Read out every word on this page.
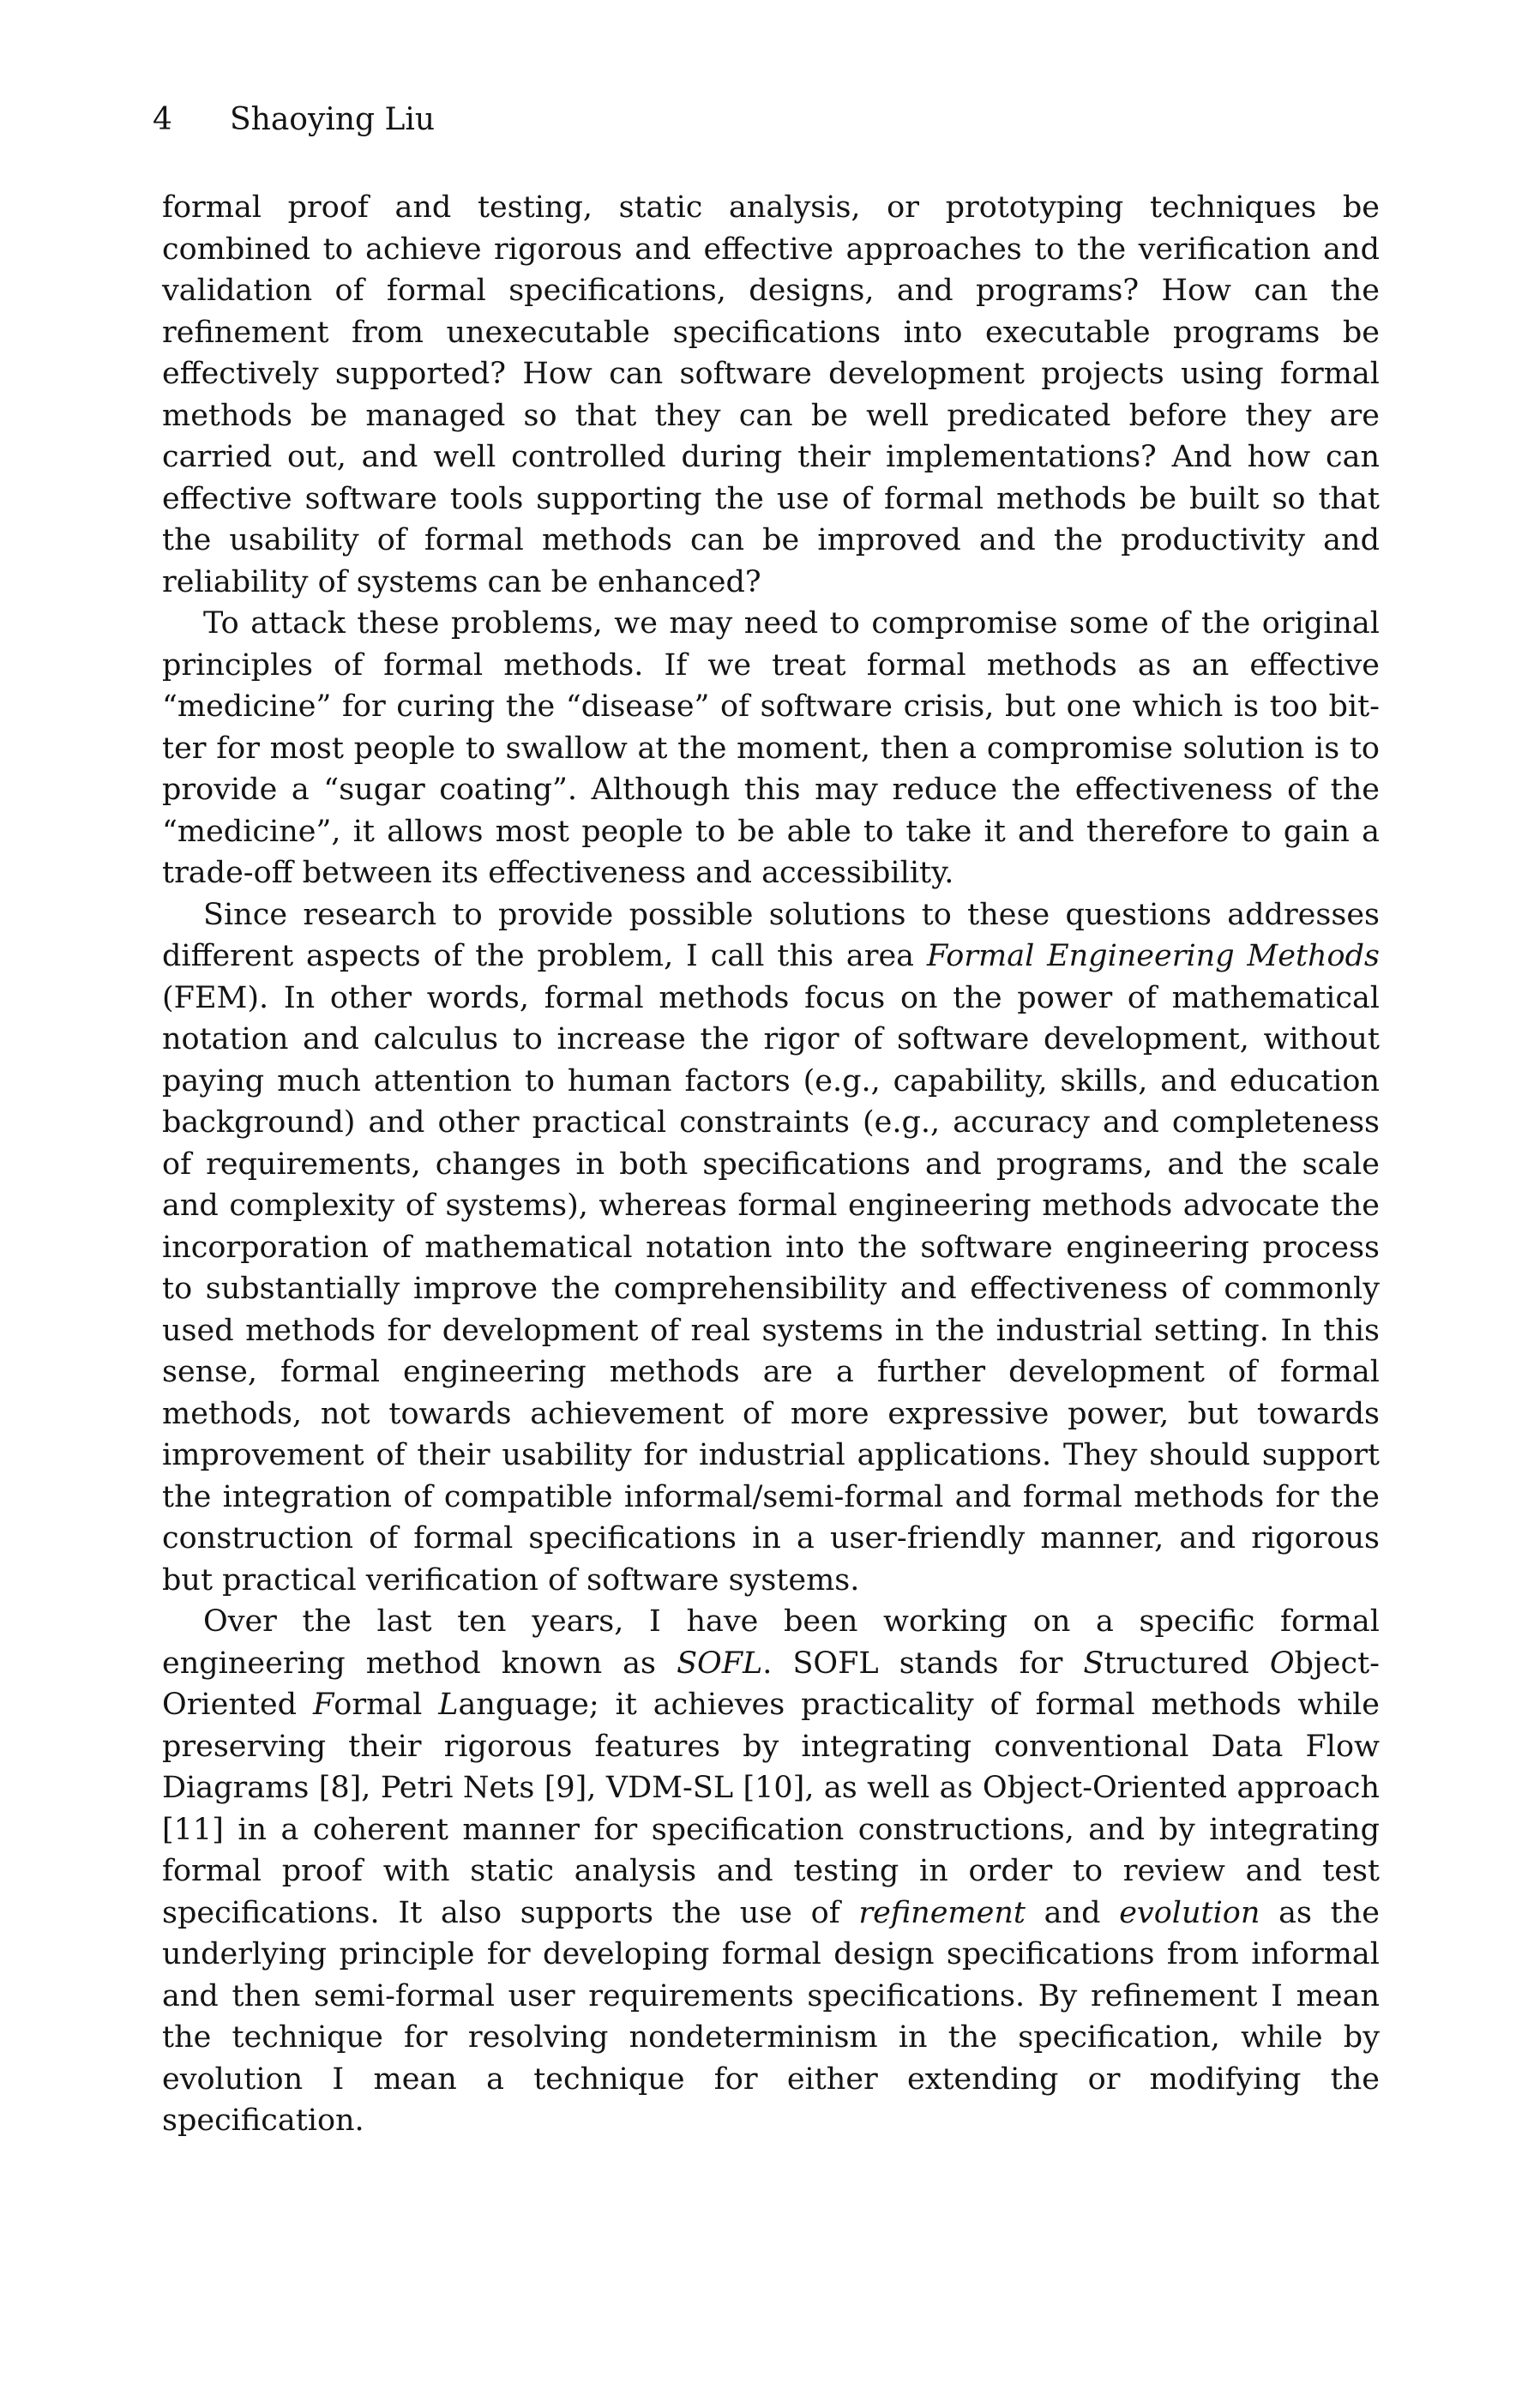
4 Shaoying Liu

formal proof and testing, static analysis, or prototyping techniques be combined to achieve rigorous and effective approaches to the verification and validation of formal specifications, designs, and programs? How can the refinement from unexecutable specifications into executable programs be effectively supported? How can software development projects using formal methods be managed so that they can be well predicated before they are carried out, and well controlled during their implementations? And how can effective software tools supporting the use of formal methods be built so that the usability of formal methods can be improved and the productivity and reliability of systems can be enhanced?

To attack these problems, we may need to compromise some of the original principles of formal methods. If we treat formal methods as an effective “medicine” for curing the “disease” of software crisis, but one which is too bitter for most people to swallow at the moment, then a compromise solution is to provide a “sugar coating”. Although this may reduce the effectiveness of the “medicine”, it allows most people to be able to take it and therefore to gain a trade-off between its effectiveness and accessibility.

Since research to provide possible solutions to these questions addresses different aspects of the problem, I call this area Formal Engineering Methods (FEM). In other words, formal methods focus on the power of mathematical notation and calculus to increase the rigor of software development, without paying much attention to human factors (e.g., capability, skills, and education background) and other practical constraints (e.g., accuracy and completeness of requirements, changes in both specifications and programs, and the scale and complexity of systems), whereas formal engineering methods advocate the incorporation of mathematical notation into the software engineering process to substantially improve the comprehensibility and effectiveness of commonly used methods for development of real systems in the industrial setting. In this sense, formal engineering methods are a further development of formal methods, not towards achievement of more expressive power, but towards improvement of their usability for industrial applications. They should support the integration of compatible informal/semi-formal and formal methods for the construction of formal specifications in a user-friendly manner, and rigorous but practical verification of software systems.

Over the last ten years, I have been working on a specific formal engineering method known as SOFL. SOFL stands for Structured Object-Oriented Formal Language; it achieves practicality of formal methods while preserving their rigorous features by integrating conventional Data Flow Diagrams [8], Petri Nets [9], VDM-SL [10], as well as Object-Oriented approach [11] in a coherent manner for specification constructions, and by integrating formal proof with static analysis and testing in order to review and test specifications. It also supports the use of refinement and evolution as the underlying principle for developing formal design specifications from informal and then semi-formal user requirements specifications. By refinement I mean the technique for resolving nondeterminism in the specification, while by evolution I mean a technique for either extending or modifying the specification.
